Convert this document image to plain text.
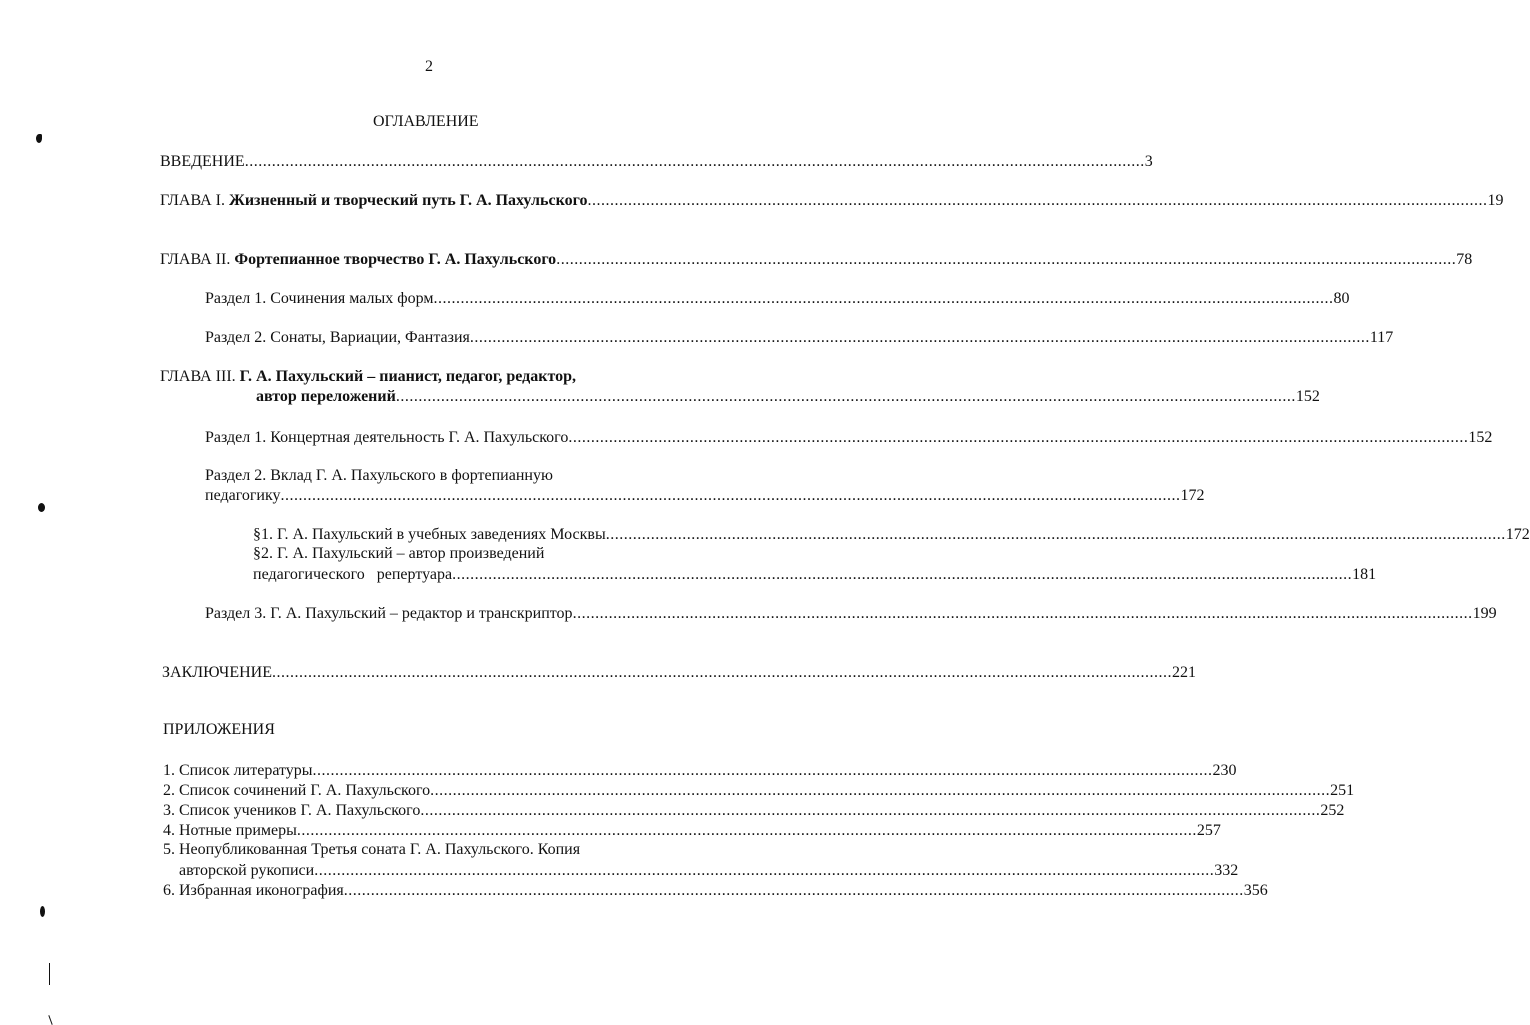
2
ОГЛАВЛЕНИЕ
ВВЕДЕНИЕ ........................................................................................................................................................................................................ 3
ГЛАВА I. Жизненный и творческий путь Г. А. Пахульского ........................................................................................................................................................................................................ 19
ГЛАВА II. Фортепианное творчество Г. А. Пахульского ........................................................................................................................................................................................................ 78
Раздел 1. Сочинения малых форм ........................................................................................................................................................................................................ 80
Раздел 2. Сонаты, Вариации, Фантазия ........................................................................................................................................................................................................ 117
ГЛАВА III. Г. А. Пахульский – пианист, педагог, редактор,
автор переложений ........................................................................................................................................................................................................ 152
Раздел 1. Концертная деятельность Г. А. Пахульского ........................................................................................................................................................................................................ 152
Раздел 2. Вклад Г. А. Пахульского в фортепианную
педагогику ........................................................................................................................................................................................................ 172
§1. Г. А. Пахульский в учебных заведениях Москвы ........................................................................................................................................................................................................ 172
§2. Г. А. Пахульский – автор произведений
педагогического   репертуара ........................................................................................................................................................................................................ 181
Раздел 3. Г. А. Пахульский – редактор и транскриптор ........................................................................................................................................................................................................ 199
ЗАКЛЮЧЕНИЕ ........................................................................................................................................................................................................ 221
ПРИЛОЖЕНИЯ
1. Список литературы ........................................................................................................................................................................................................ 230
2. Список сочинений Г. А. Пахульского ........................................................................................................................................................................................................ 251
3. Список учеников Г. А. Пахульского ........................................................................................................................................................................................................ 252
4. Нотные примеры ........................................................................................................................................................................................................ 257
5. Неопубликованная Третья соната Г. А. Пахульского. Копия
авторской рукописи ........................................................................................................................................................................................................ 332
6. Избранная иконография ........................................................................................................................................................................................................ 356
